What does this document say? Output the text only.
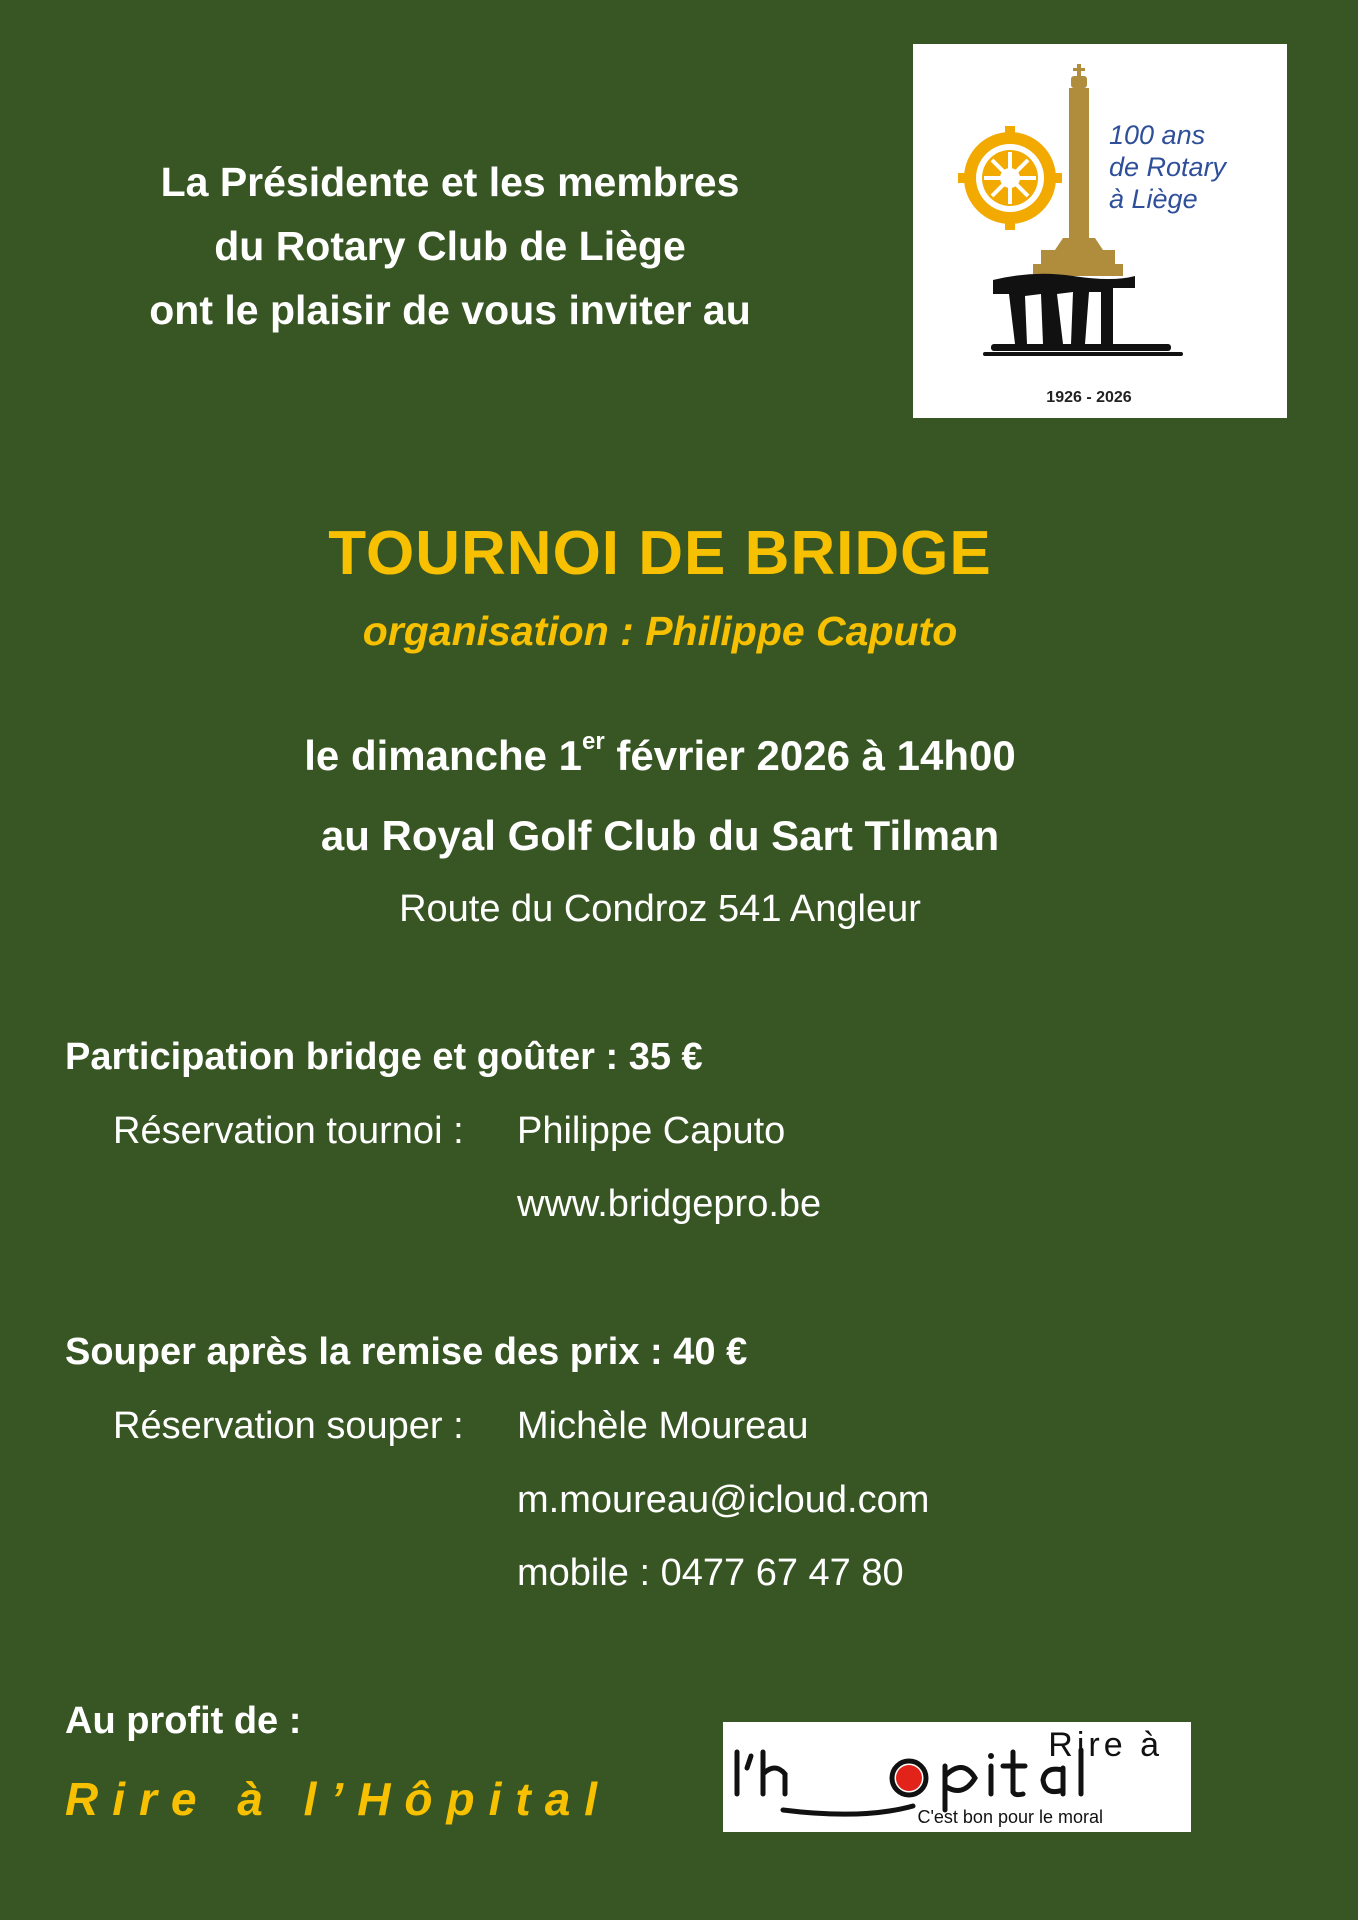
La Présidente et les membres
du Rotary Club de Liège
ont le plaisir de vous inviter au
100 ans
de Rotary
à Liège
1926 - 2026
TOURNOI DE BRIDGE
organisation : Philippe Caputo
le dimanche 1er février 2026 à 14h00
au Royal Golf Club du Sart Tilman
Route du Condroz 541 Angleur
Participation bridge et goûter : 35 €
Réservation tournoi : Philippe Caputo
www.bridgepro.be
Souper après la remise des prix : 40 €
Réservation souper : Michèle Moureau
m.moureau@icloud.com
mobile : 0477 67 47 80
Au profit de :
Rire à l’Hôpital
Rire à
C'est bon pour le moral
